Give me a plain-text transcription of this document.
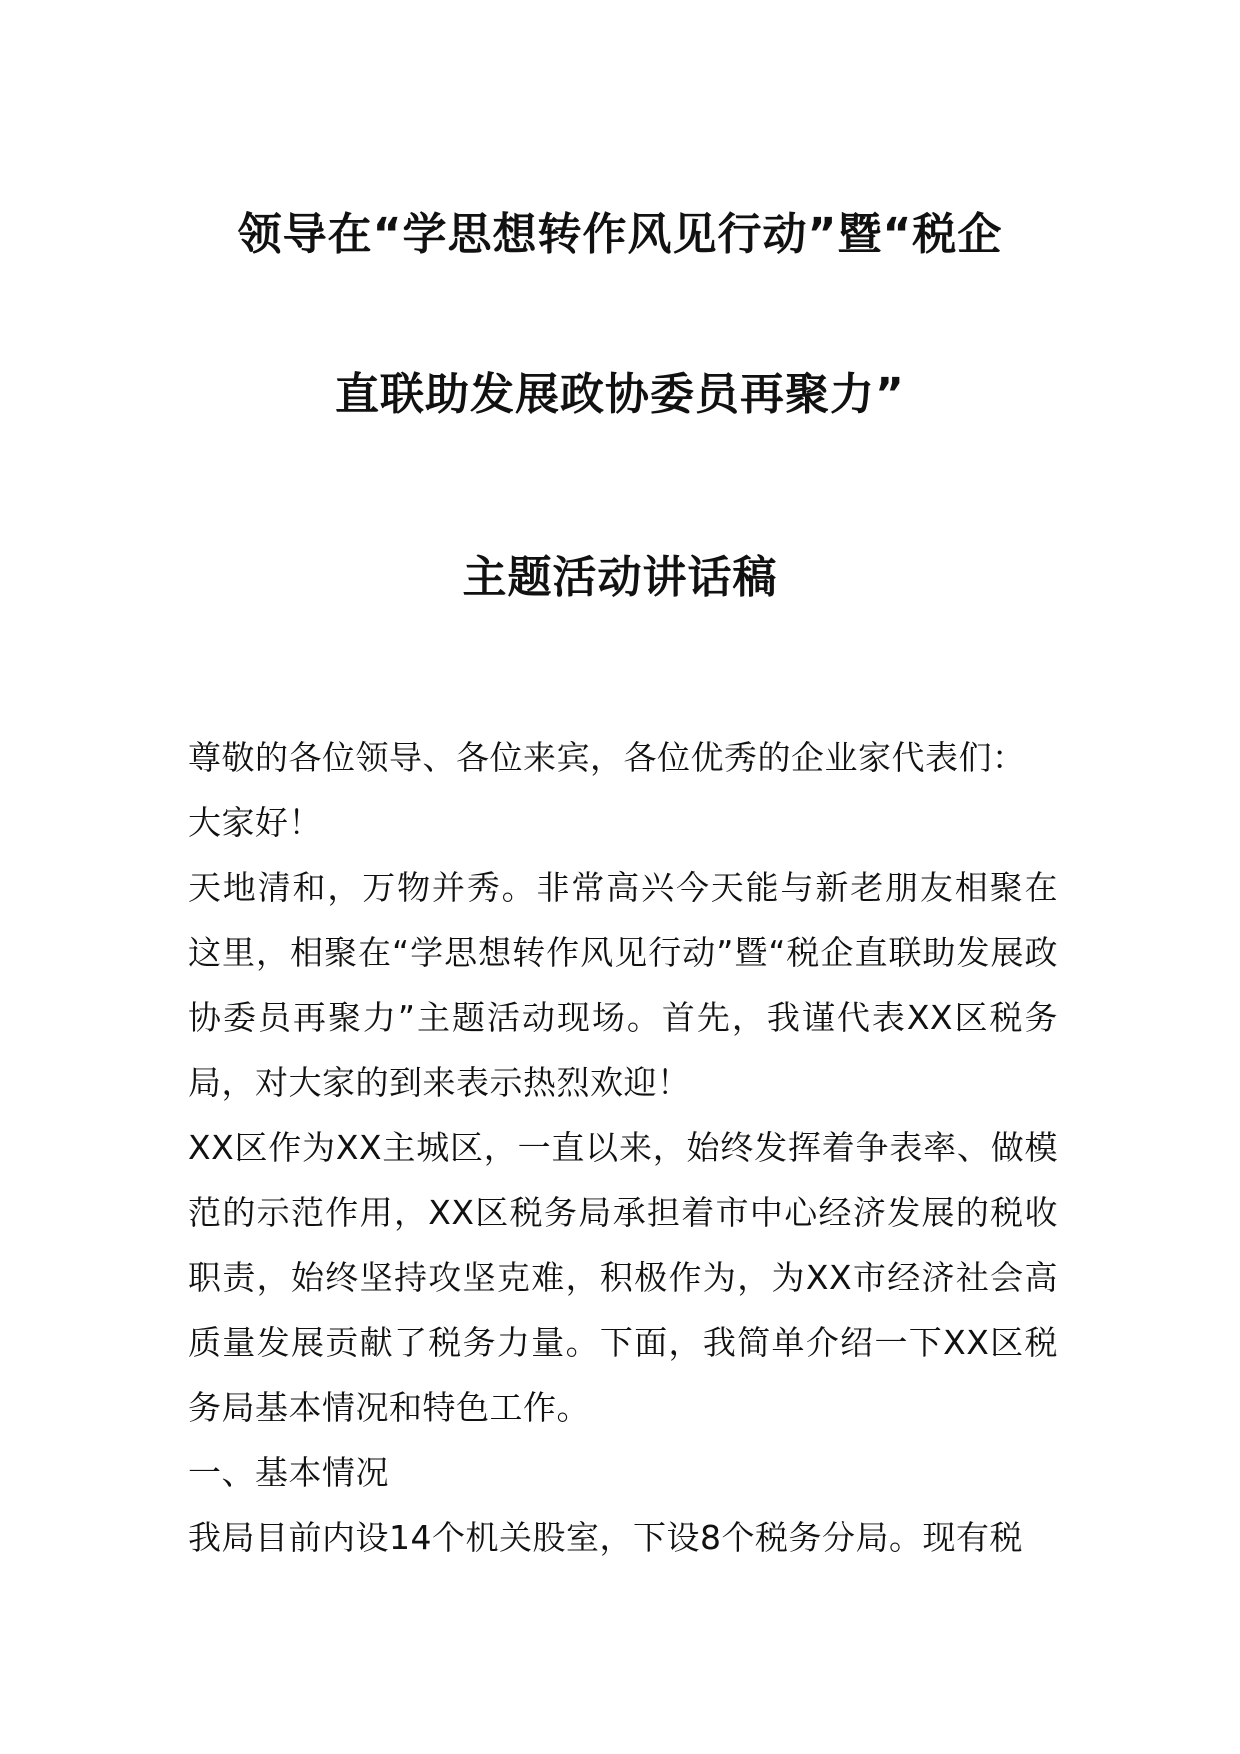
领导在“学思想转作风见行动”暨“税企
直联助发展政协委员再聚力”
主题活动讲话稿

尊敬的各位领导、各位来宾，各位优秀的企业家代表们：

大家好！

天地清和，万物并秀。非常高兴今天能与新老朋友相聚在这里，相聚在“学思想转作风见行动”暨“税企直联助发展政协委员再聚力”主题活动现场。首先，我谨代表XX区税务局，对大家的到来表示热烈欢迎！

XX区作为XX主城区，一直以来，始终发挥着争表率、做模范的示范作用，XX区税务局承担着市中心经济发展的税收职责，始终坚持攻坚克难，积极作为，为XX市经济社会高质量发展贡献了税务力量。下面，我简单介绍一下XX区税务局基本情况和特色工作。

一、基本情况

我局目前内设14个机关股室，下设8个税务分局。现有税
